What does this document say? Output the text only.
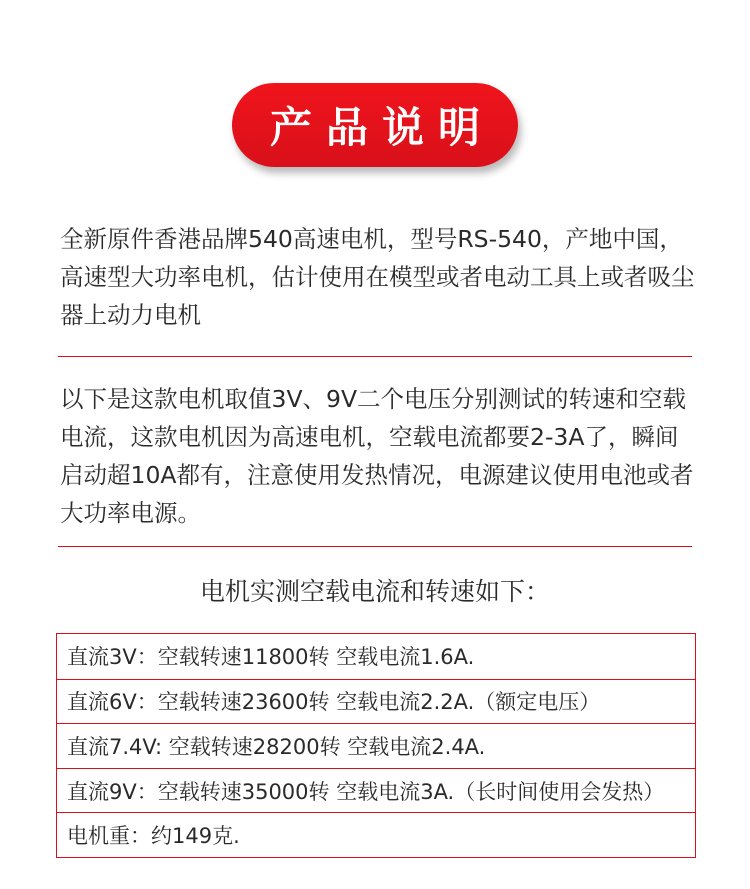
产品说明

全新原件香港品牌540高速电机，型号RS-540，产地中国，高速型大功率电机，估计使用在模型或者电动工具上或者吸尘器上动力电机

以下是这款电机取值3V、9V二个电压分别测试的转速和空载电流，这款电机因为高速电机，空载电流都要2-3A了，瞬间启动超10A都有，注意使用发热情况，电源建议使用电池或者大功率电源。

电机实测空载电流和转速如下：
直流3V：空载转速11800转 空载电流1.6A.
直流6V：空载转速23600转 空载电流2.2A.（额定电压）
直流7.4V: 空载转速28200转 空载电流2.4A.
直流9V：空载转速35000转 空载电流3A.（长时间使用会发热）
电机重：约149克.
